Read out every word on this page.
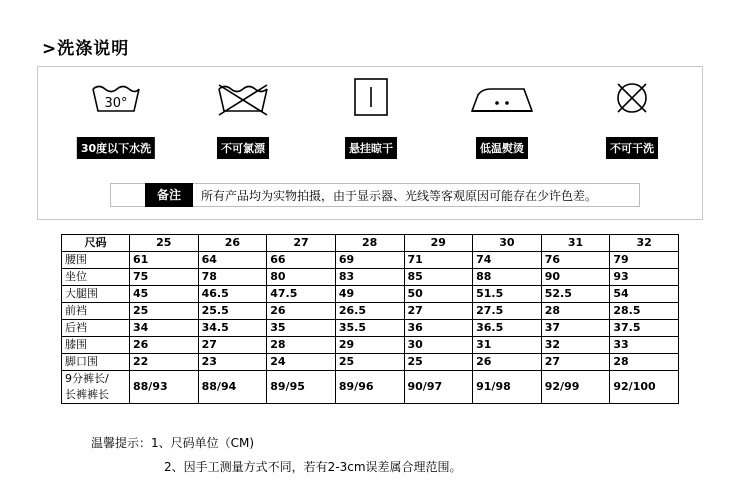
>洗涤说明
30°
30度以下水洗	不可氯漂	悬挂晾干	低温熨烫	不可干洗
备注	所有产品均为实物拍摄，由于显示器、光线等客观原因可能存在少许色差。
尺码	25	26	27	28	29	30	31	32
腰围	61	64	66	69	71	74	76	79
坐位	75	78	80	83	85	88	90	93
大腿围	45	46.5	47.5	49	50	51.5	52.5	54
前裆	25	25.5	26	26.5	27	27.5	28	28.5
后裆	34	34.5	35	35.5	36	36.5	37	37.5
膝围	26	27	28	29	30	31	32	33
脚口围	22	23	24	25	25	26	27	28

9分裤长/
长裤裤长	88/93	88/94	89/95	89/96	90/97	91/98	92/99	92/100
温馨提示：1、尺码单位（CM)
2、因手工测量方式不同，若有2-3cm误差属合理范围。
